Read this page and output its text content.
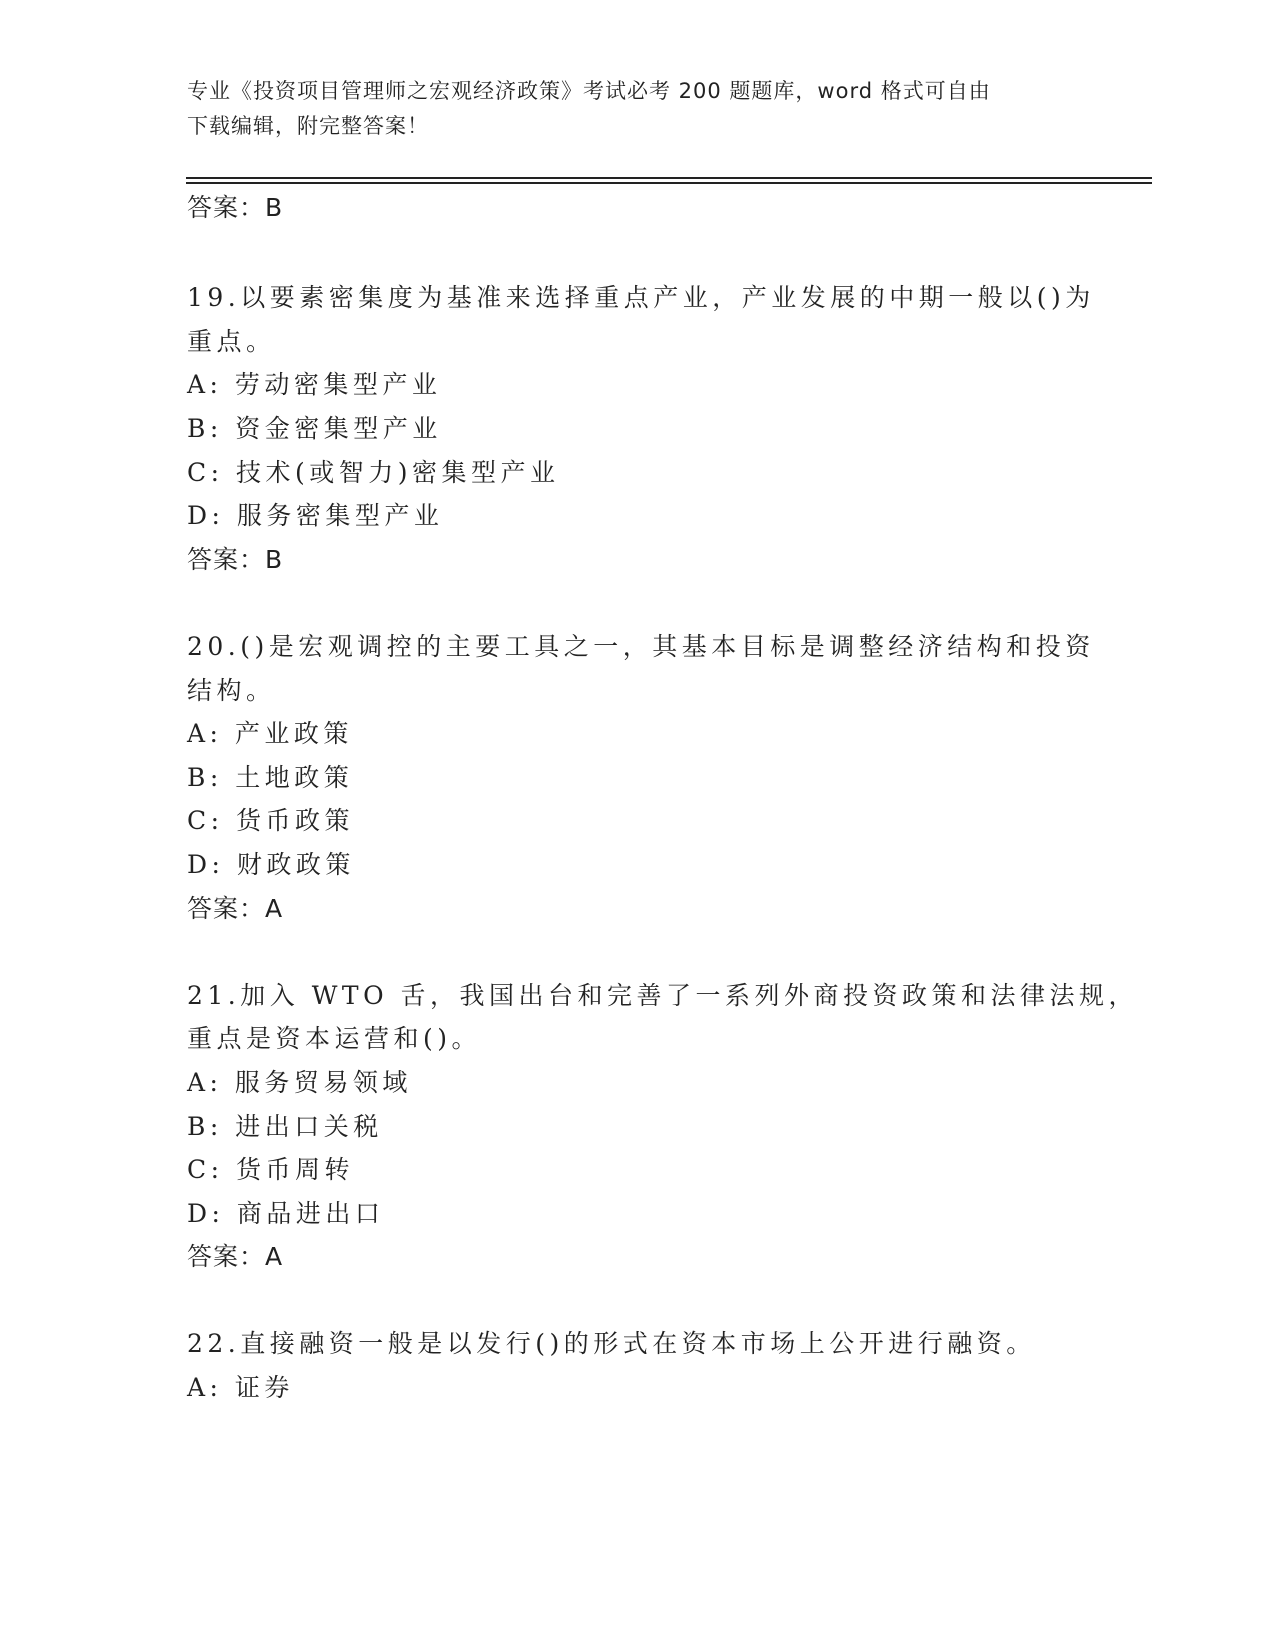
专业《投资项目管理师之宏观经济政策》考试必考 200 题题库，word 格式可自由
下载编辑，附完整答案！
答案：B
19.以要素密集度为基准来选择重点产业，产业发展的中期一般以()为
重点。
A: 劳动密集型产业
B: 资金密集型产业
C: 技术(或智力)密集型产业
D: 服务密集型产业
答案：B
20.()是宏观调控的主要工具之一，其基本目标是调整经济结构和投资
结构。
A: 产业政策
B: 土地政策
C: 货币政策
D: 财政政策
答案：A
21.加入 WTO 舌，我国出台和完善了一系列外商投资政策和法律法规，
重点是资本运营和()。
A: 服务贸易领域
B: 进出口关税
C: 货币周转
D: 商品进出口
答案：A
22.直接融资一般是以发行()的形式在资本市场上公开进行融资。
A: 证券
